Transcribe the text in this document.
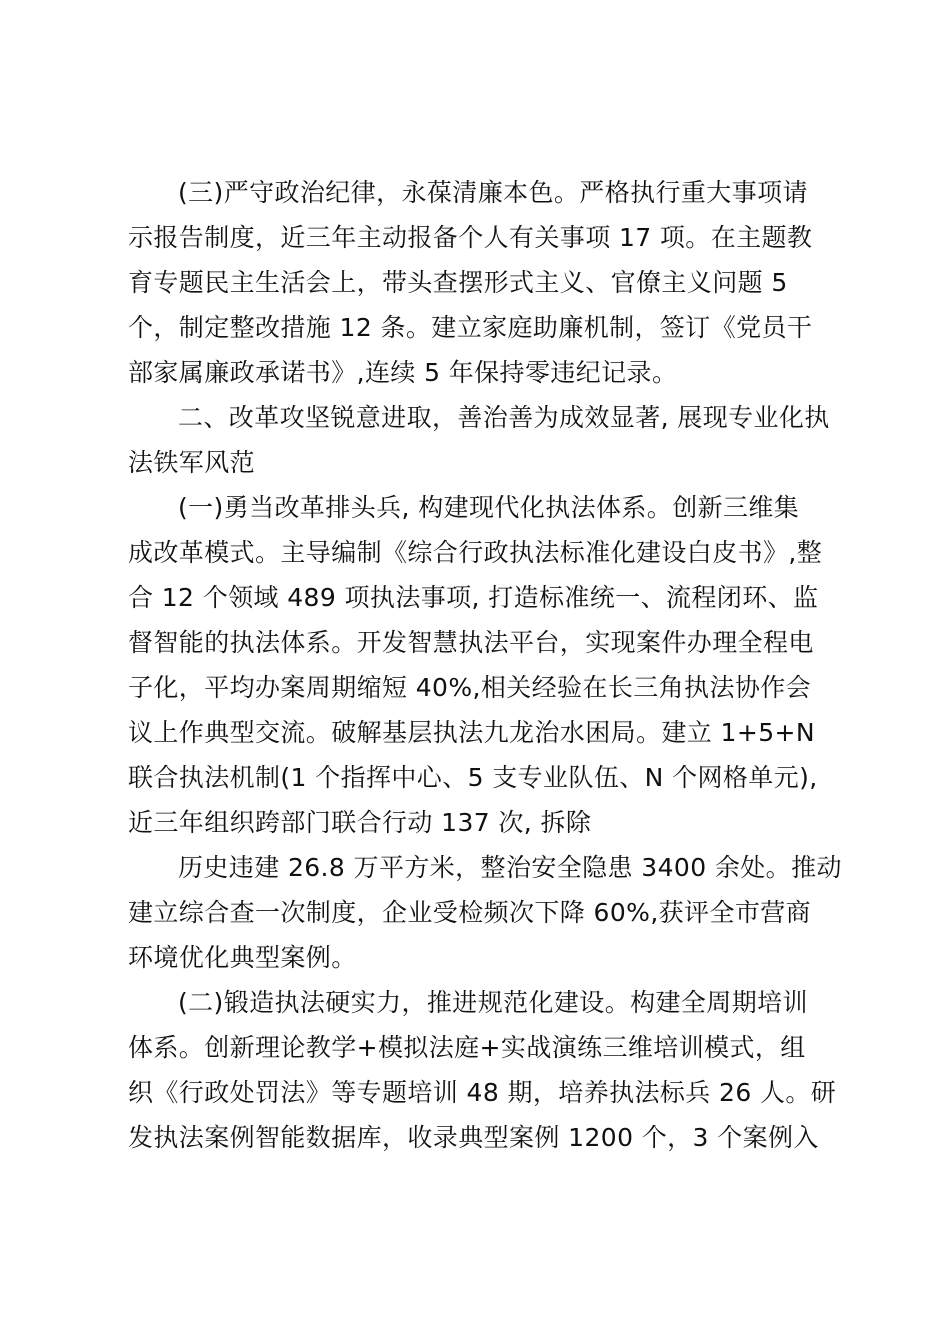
(三)严守政治纪律，永葆清廉本色。严格执行重大事项请
示报告制度，近三年主动报备个人有关事项 17 项。在主题教
育专题民主生活会上，带头查摆形式主义、官僚主义问题 5
个，制定整改措施 12 条。建立家庭助廉机制，签订《党员干
部家属廉政承诺书》,连续 5 年保持零违纪记录。
二、改革攻坚锐意进取，善治善为成效显著, 展现专业化执
法铁军风范
(一)勇当改革排头兵, 构建现代化执法体系。创新三维集
成改革模式。主导编制《综合行政执法标准化建设白皮书》,整
合 12 个领域 489 项执法事项, 打造标准统一、流程闭环、监
督智能的执法体系。开发智慧执法平台，实现案件办理全程电
子化，平均办案周期缩短 40%,相关经验在长三角执法协作会
议上作典型交流。破解基层执法九龙治水困局。建立 1+5+N
联合执法机制(1 个指挥中心、5 支专业队伍、N 个网格单元),
近三年组织跨部门联合行动 137 次, 拆除
历史违建 26.8 万平方米，整治安全隐患 3400 余处。推动
建立综合查一次制度，企业受检频次下降 60%,获评全市营商
环境优化典型案例。
(二)锻造执法硬实力，推进规范化建设。构建全周期培训
体系。创新理论教学+模拟法庭+实战演练三维培训模式，组
织《行政处罚法》等专题培训 48 期，培养执法标兵 26 人。研
发执法案例智能数据库，收录典型案例 1200 个，3 个案例入
